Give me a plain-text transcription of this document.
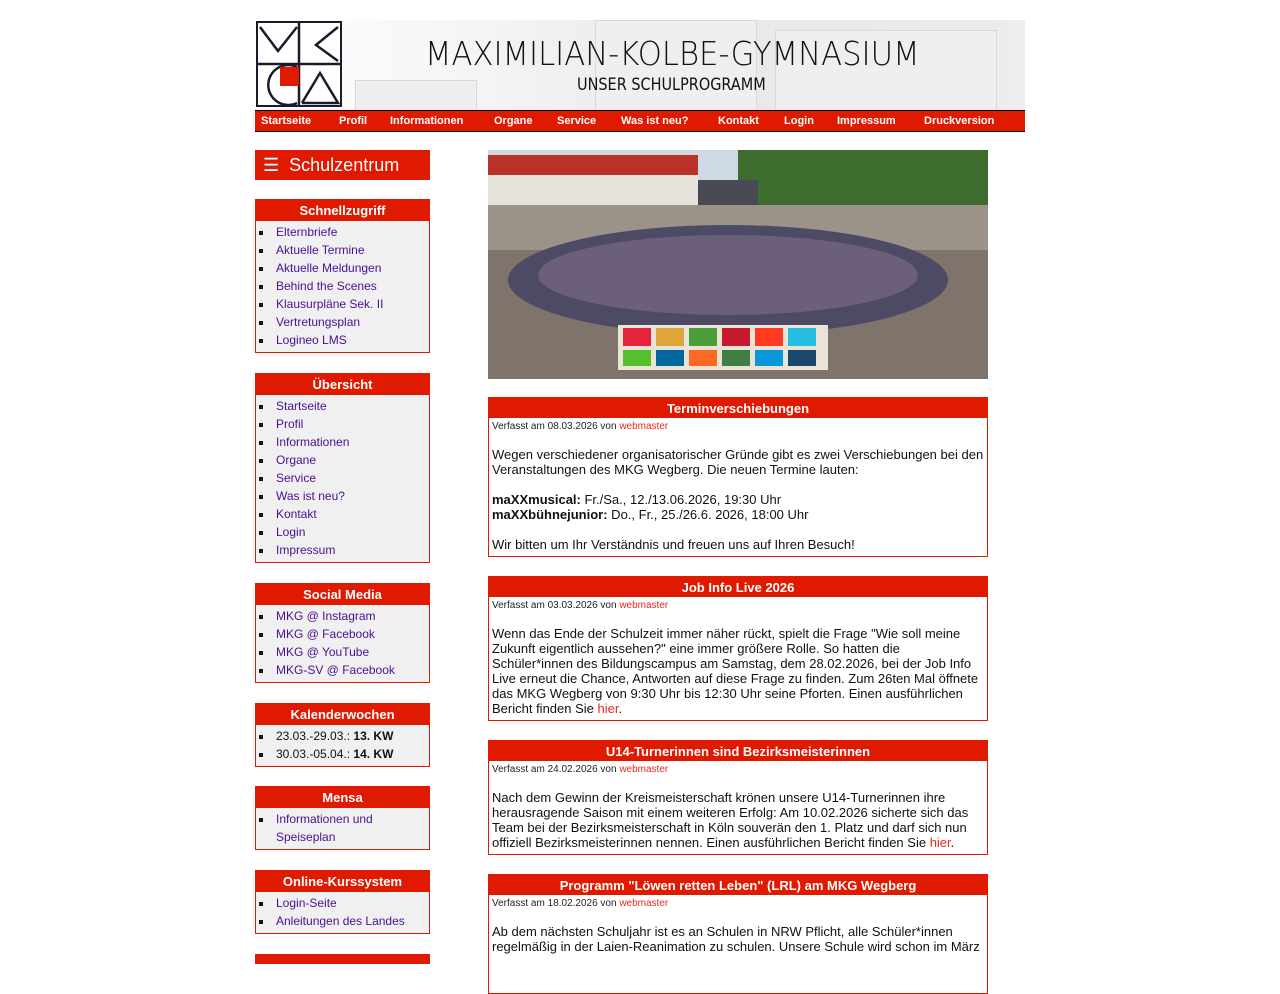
MAXIMILIAN-KOLBE-GYMNASIUM
UNSER SCHULPROGRAMM
Startseite	Profil Informationen	Organe Service Was ist neu?	Kontakt Login Impressum	Druckversion
☰ Schulzentrum
Schnellzugriff
Elternbriefe
Aktuelle Termine
Aktuelle Meldungen
Behind the Scenes
Klausurpläne Sek. II
Vertretungsplan
Logineo LMS
Übersicht
Startseite
Profil
Informationen
Organe
Service
Was ist neu?
Kontakt
Login
Impressum
Social Media
MKG @ Instagram
MKG @ Facebook
MKG @ YouTube
MKG-SV @ Facebook
Kalenderwochen
23.03.-29.03.: 13. KW
30.03.-05.04.: 14. KW
Mensa
Informationen und Speiseplan
Online-Kurssystem
Login-Seite
Anleitungen des Landes
Terminverschiebungen
Verfasst am 08.03.2026 von webmaster
Wegen verschiedener organisatorischer Gründe gibt es zwei Verschiebungen bei den Veranstaltungen des MKG Wegberg. Die neuen Termine lauten:

maXXmusical: Fr./Sa., 12./13.06.2026, 19:30 Uhr
maXXbühnejunior: Do., Fr., 25./26.6. 2026, 18:00 Uhr

Wir bitten um Ihr Verständnis und freuen uns auf Ihren Besuch!
Job Info Live 2026
Verfasst am 03.03.2026 von webmaster
Wenn das Ende der Schulzeit immer näher rückt, spielt die Frage "Wie soll meine Zukunft eigentlich aussehen?" eine immer größere Rolle. So hatten die Schüler*innen des Bildungscampus am Samstag, dem 28.02.2026, bei der Job Info Live erneut die Chance, Antworten auf diese Frage zu finden. Zum 26ten Mal öffnete das MKG Wegberg von 9:30 Uhr bis 12:30 Uhr seine Pforten. Einen ausführlichen Bericht finden Sie hier.
U14-Turnerinnen sind Bezirksmeisterinnen
Verfasst am 24.02.2026 von webmaster
Nach dem Gewinn der Kreismeisterschaft krönen unsere U14-Turnerinnen ihre herausragende Saison mit einem weiteren Erfolg: Am 10.02.2026 sicherte sich das Team bei der Bezirksmeisterschaft in Köln souverän den 1. Platz und darf sich nun offiziell Bezirksmeisterinnen nennen. Einen ausführlichen Bericht finden Sie hier.
Programm "Löwen retten Leben" (LRL) am MKG Wegberg
Verfasst am 18.02.2026 von webmaster
Ab dem nächsten Schuljahr ist es an Schulen in NRW Pflicht, alle Schüler*innen regelmäßig in der Laien-Reanimation zu schulen. Unsere Schule wird schon im März
